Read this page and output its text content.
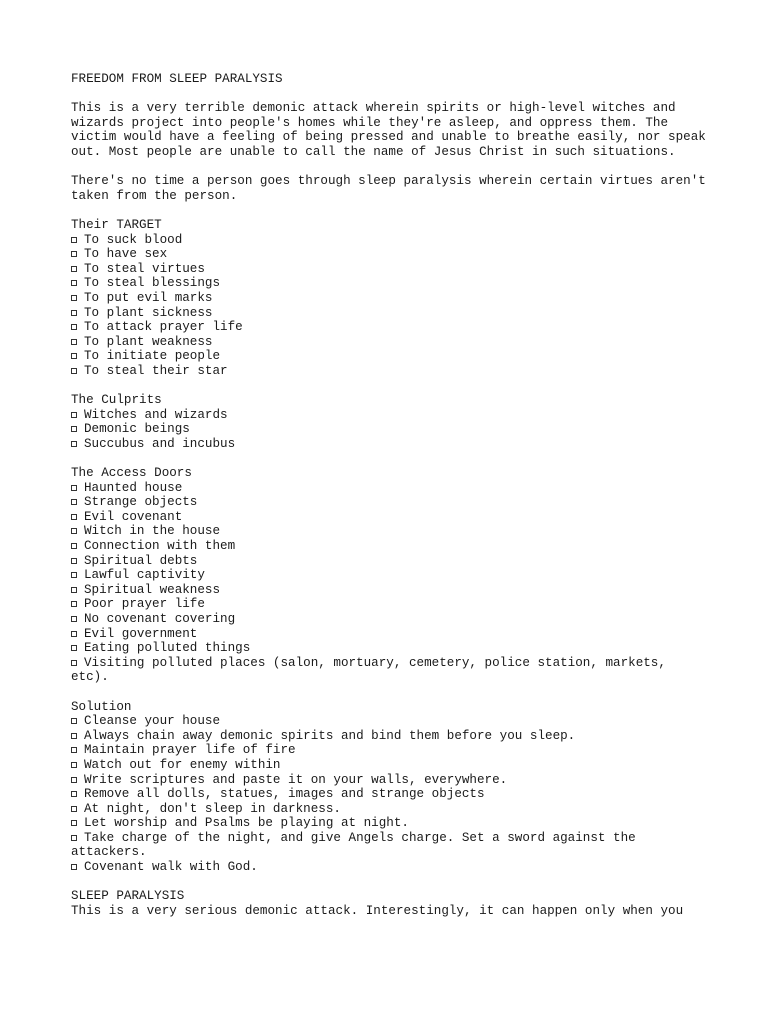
FREEDOM FROM SLEEP PARALYSIS
This is a very terrible demonic attack wherein spirits or high-level witches and wizards project into people's homes while they're asleep, and oppress them. The victim would have a feeling of being pressed and unable to breathe easily, nor speak out. Most people are unable to call the name of Jesus Christ in such situations.
There's no time a person goes through sleep paralysis wherein certain virtues aren't taken from the person.
Their TARGET
To suck blood
To have sex
To steal virtues
To steal blessings
To put evil marks
To plant sickness
To attack prayer life
To plant weakness
To initiate people
To steal their star
The Culprits
Witches and wizards
Demonic beings
Succubus and incubus
The Access Doors
Haunted house
Strange objects
Evil covenant
Witch in the house
Connection with them
Spiritual debts
Lawful captivity
Spiritual weakness
Poor prayer life
No covenant covering
Evil government
Eating polluted things
Visiting polluted places (salon, mortuary, cemetery, police station, markets, etc).
Solution
Cleanse your house
Always chain away demonic spirits and bind them before you sleep.
Maintain prayer life of fire
Watch out for enemy within
Write scriptures and paste it on your walls, everywhere.
Remove all dolls, statues, images and strange objects
At night, don't sleep in darkness.
Let worship and Psalms be playing at night.
Take charge of the night, and give Angels charge. Set a sword against the attackers.
Covenant walk with God.
SLEEP PARALYSIS
This is a very serious demonic attack. Interestingly, it can happen only when you
